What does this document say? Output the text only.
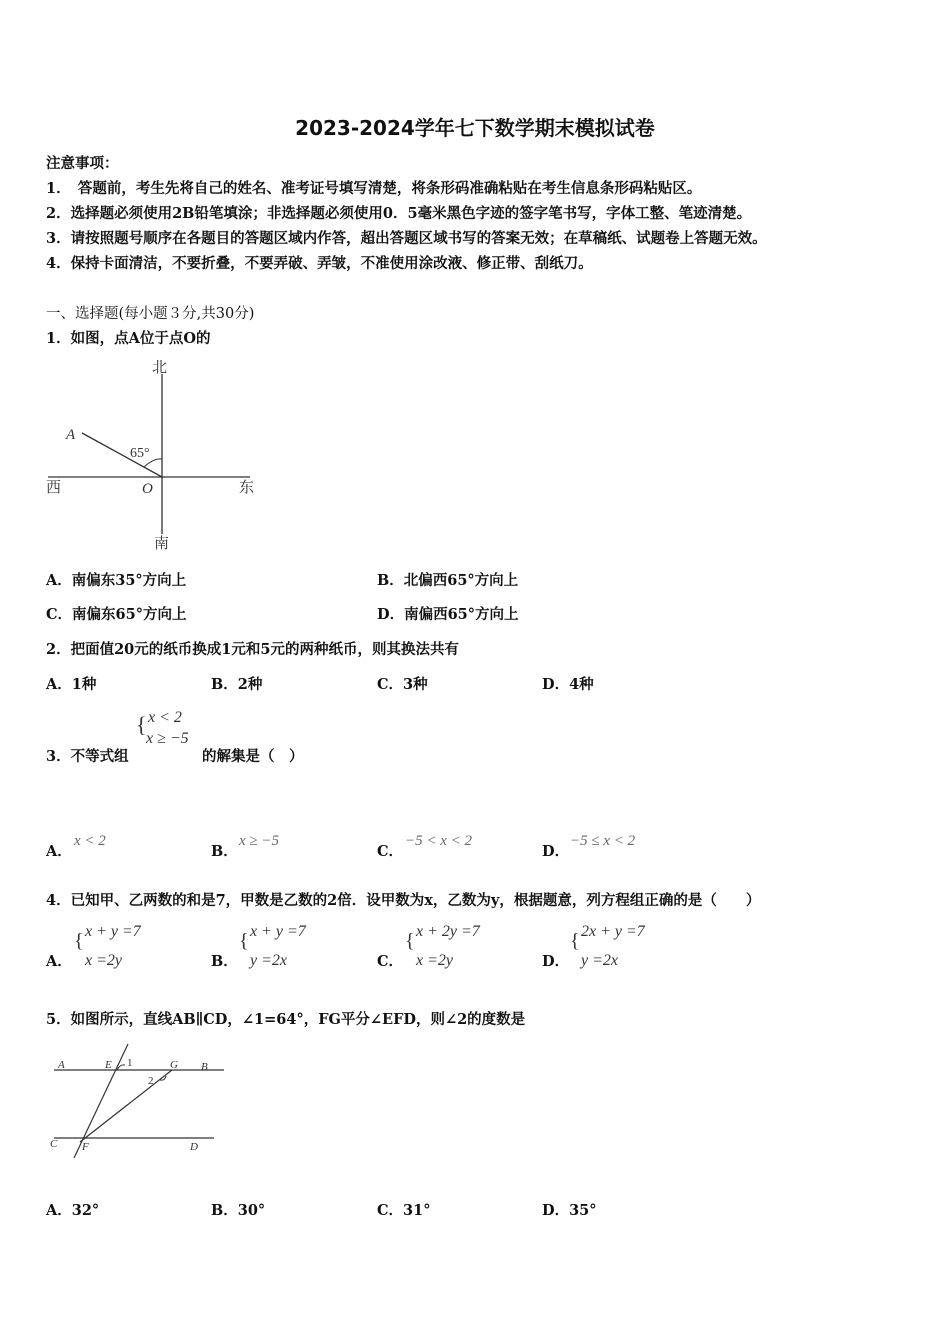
2023-2024学年七下数学期末模拟试卷
注意事项：
1．　答题前，考生先将自己的姓名、准考证号填写清楚，将条形码准确粘贴在考生信息条形码粘贴区。
2．选择题必须使用2B铅笔填涂；非选择题必须使用0．5毫米黑色字迹的签字笔书写，字体工整、笔迹清楚。
3．请按照题号顺序在各题目的答题区域内作答，超出答题区域书写的答案无效；在草稿纸、试题卷上答题无效。
4．保持卡面清洁，不要折叠，不要弄破、弄皱，不准使用涂改液、修正带、刮纸刀。
一、选择题(每小题３分,共30分)
1．如图，点A位于点O的
北
南
西	东
A
O
65°
A．南偏东35°方向上	B．北偏西65°方向上
C．南偏东65°方向上	D．南偏西65°方向上
2．把面值20元的纸币换成1元和5元的两种纸币，则其换法共有
A．1种	B．2种	C．3种	D．4种
{ x < 2
x ≥ −5
3．不等式组	的解集是（　）
A．
x < 2
B．
x ≥ −5
C．
−5 < x < 2
D．
−5 ≤ x < 2
4．已知甲、乙两数的和是7，甲数是乙数的2倍．设甲数为x，乙数为y，根据题意，列方程组正确的是（　　）
A．
{ x + y =7
x =2y	B．
{ x + y =7
y =2x	C．
{ x + 2y =7
x =2y	D．
{ 2x + y =7
y =2x
5．如图所示，直线AB∥CD，∠1=64°，FG平分∠EFD，则∠2的度数是
A	E 1	G B
2
C F	D
A．32°	B．30°	C．31°	D．35°
